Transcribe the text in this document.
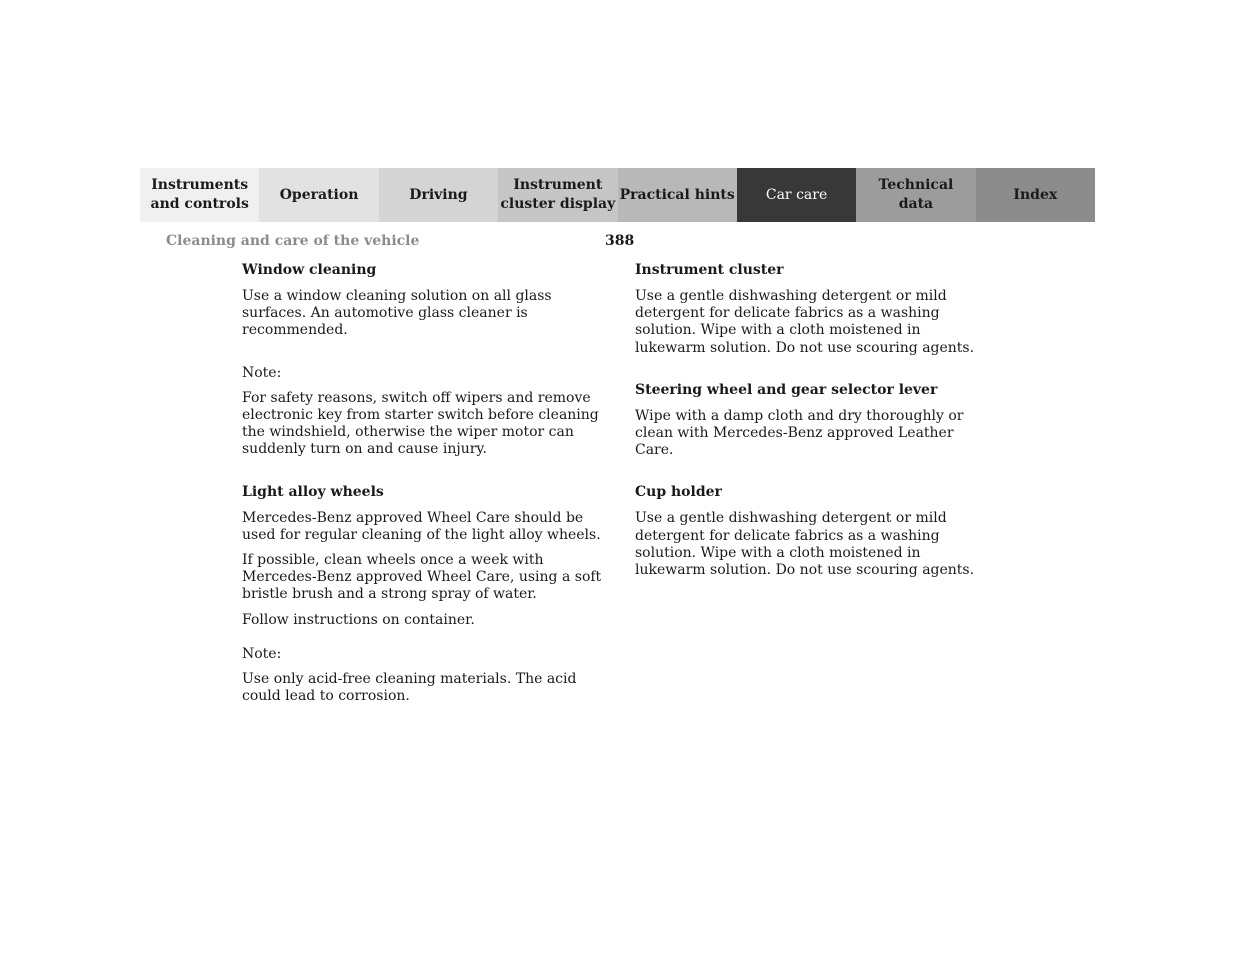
Instruments
and controls
Operation	Driving
Instrument
cluster display
Practical hints Car care
Technical
data
Index
Cleaning and care of the vehicle	388
Window cleaning
Use a window cleaning solution on all glass surfaces. An automotive glass cleaner is recommended.
Note:
For safety reasons, switch off wipers and remove electronic key from starter switch before cleaning the windshield, otherwise the wiper motor can suddenly turn on and cause injury.
Light alloy wheels
Mercedes-Benz approved Wheel Care should be used for regular cleaning of the light alloy wheels.
If possible, clean wheels once a week with Mercedes-Benz approved Wheel Care, using a soft bristle brush and a strong spray of water.
Follow instructions on container.
Note:
Use only acid-free cleaning materials. The acid could lead to corrosion.
Instrument cluster
Use a gentle dishwashing detergent or mild detergent for delicate fabrics as a washing solution. Wipe with a cloth moistened in lukewarm solution. Do not use scouring agents.
Steering wheel and gear selector lever
Wipe with a damp cloth and dry thoroughly or clean with Mercedes-Benz approved Leather Care.
Cup holder
Use a gentle dishwashing detergent or mild detergent for delicate fabrics as a washing solution. Wipe with a cloth moistened in lukewarm solution. Do not use scouring agents.
